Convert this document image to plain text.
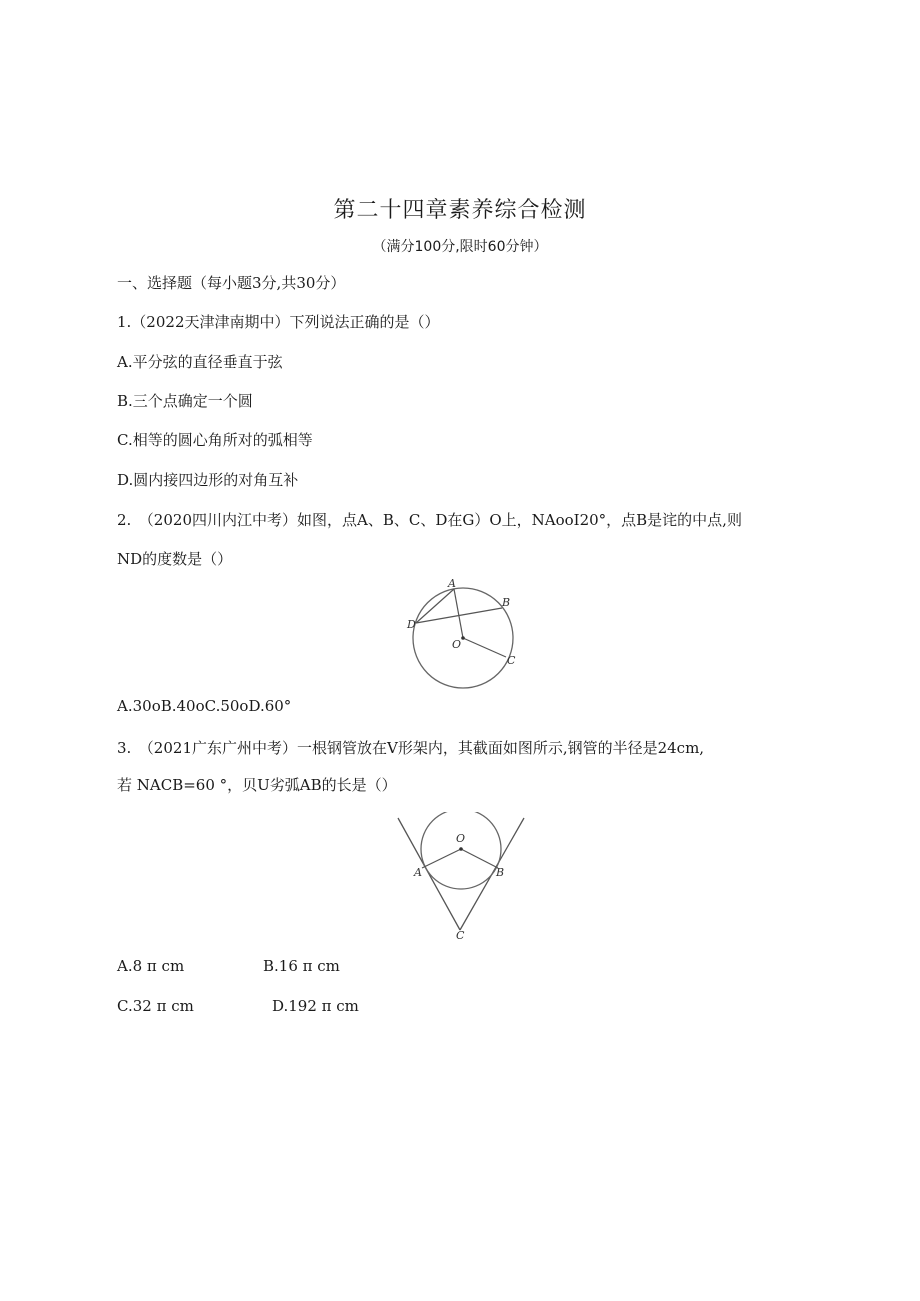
第二十四章素养综合检测
（满分100分,限时60分钟）
一、选择题（每小题3分,共30分）
1.（2022天津津南期中）下列说法正确的是（）
A.平分弦的直径垂直于弦
B.三个点确定一个圆
C.相等的圆心角所对的弧相等
D.圆内接四边形的对角互补
2.　（2020四川内江中考）如图，点A、B、C、D在G）O上，NAooI20°，点B是诧的中点,则
ND的度数是（）
A
B
C
D
O
A.30oB.40oC.50oD.60°
3.　（2021广东广州中考）一根钢管放在V形架内，其截面如图所示,钢管的半径是24cm,
若 NACB=60 °，贝U劣弧AB的长是（）
O
A	B
C
A.8 π cm	B.16 π cm
C.32 π cm	D.192 π cm
